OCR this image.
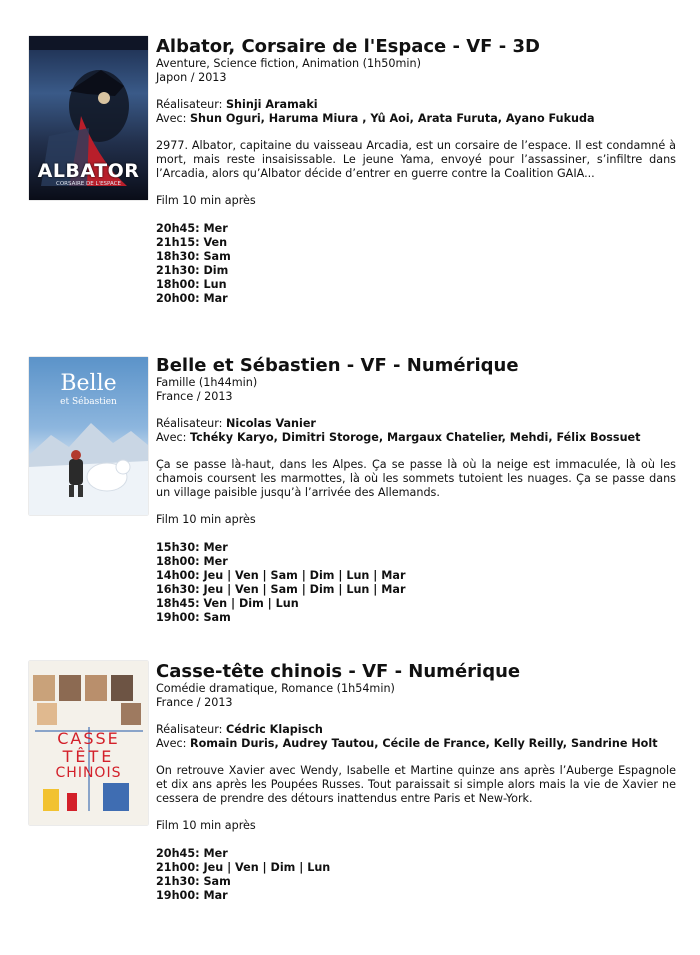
ALBATOR
CORSAIRE DE L'ESPACE
Albator, Corsaire de l'Espace - VF - 3D

Aventure, Science fiction, Animation (1h50min)

Japon / 2013

Réalisateur: Shinji Aramaki

Avec: Shun Oguri, Haruma Miura , Yû Aoi, Arata Furuta, Ayano Fukuda

2977. Albator, capitaine du vaisseau Arcadia, est un corsaire de l’espace. Il est condamné à mort, mais reste insaisissable. Le jeune Yama, envoyé pour l’assassiner, s’infiltre dans l’Arcadia, alors qu’Albator décide d’entrer en guerre contre la Coalition GAIA...

Film 10 min après

20h45: Mer

21h15: Ven

18h30: Sam

21h30: Dim

18h00: Lun

20h00: Mar

Belle
et Sébastien
Belle et Sébastien - VF - Numérique

Famille (1h44min)

France / 2013

Réalisateur: Nicolas Vanier

Avec: Tchéky Karyo, Dimitri Storoge, Margaux Chatelier, Mehdi, Félix Bossuet

Ça se passe là-haut, dans les Alpes. Ça se passe là où la neige est immaculée, là où les chamois coursent les marmottes, là où les sommets tutoient les nuages. Ça se passe dans un village paisible jusqu’à l’arrivée des Allemands.

Film 10 min après

15h30: Mer

18h00: Mer

14h00: Jeu | Ven | Sam | Dim | Lun | Mar

16h30: Jeu | Ven | Sam | Dim | Lun | Mar

18h45: Ven | Dim | Lun

19h00: Sam

CASSE
TÊTE
CHINOIS
Casse-tête chinois - VF - Numérique

Comédie dramatique, Romance (1h54min)

France / 2013

Réalisateur: Cédric Klapisch

Avec: Romain Duris, Audrey Tautou, Cécile de France, Kelly Reilly, Sandrine Holt

On retrouve Xavier avec Wendy, Isabelle et Martine quinze ans après l’Auberge Espagnole et dix ans après les Poupées Russes. Tout paraissait si simple alors mais la vie de Xavier ne cessera de prendre des détours inattendus entre Paris et New-York.

Film 10 min après

20h45: Mer

21h00: Jeu | Ven | Dim | Lun

21h30: Sam

19h00: Mar
